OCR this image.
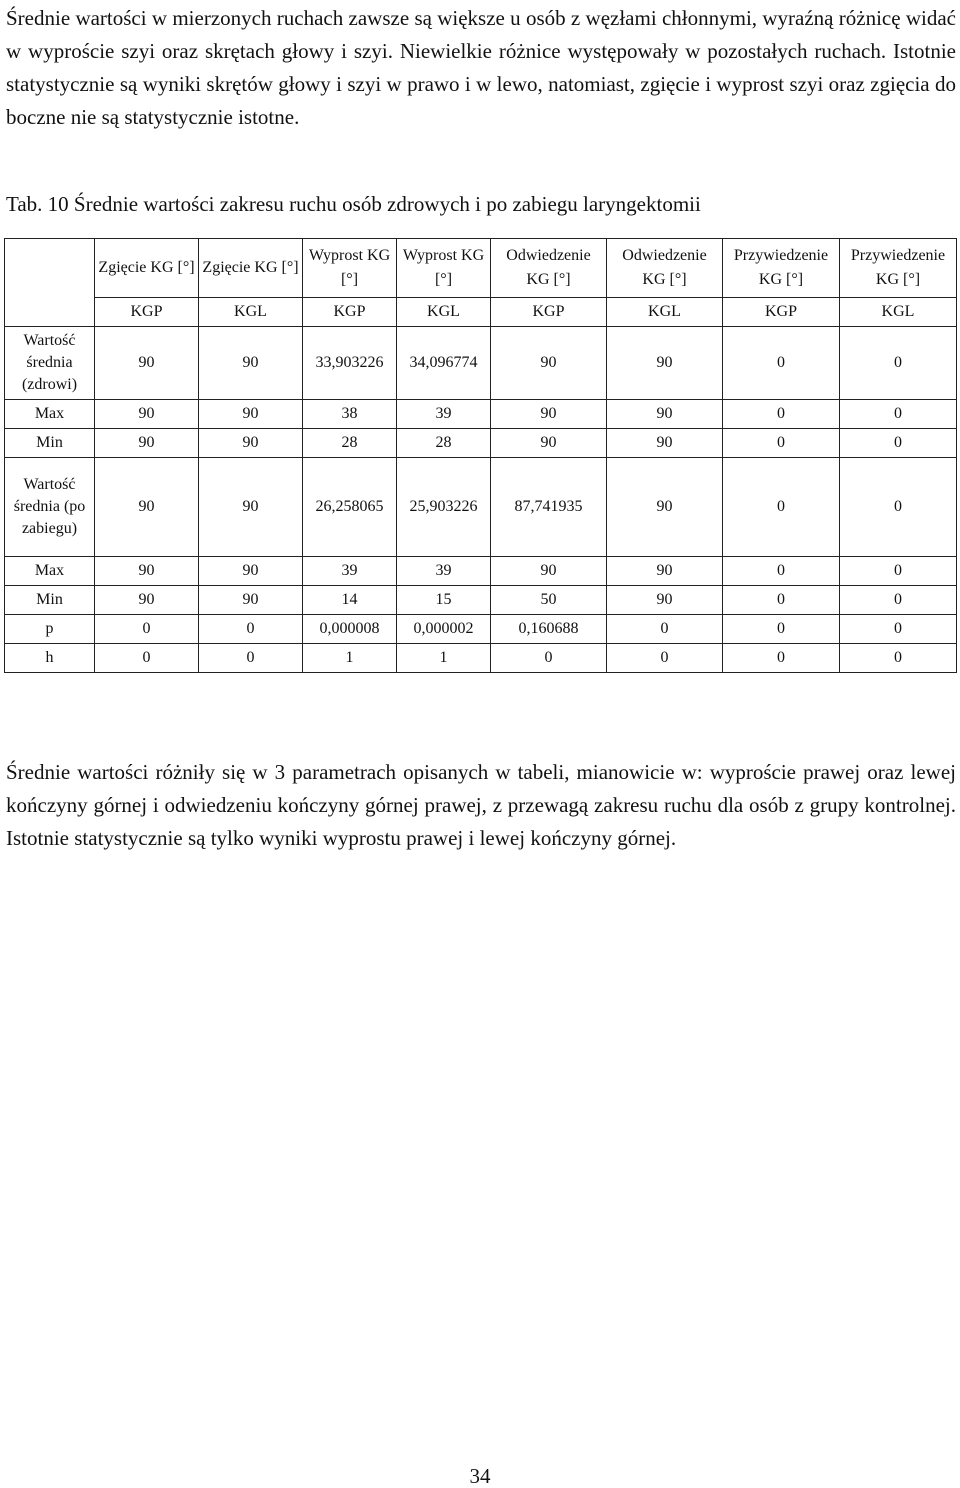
Średnie wartości w mierzonych ruchach zawsze są większe u osób z węzłami chłonnymi, wyraźną różnicę widać w wyproście szyi oraz skrętach głowy i szyi. Niewielkie różnice występowały w pozostałych ruchach. Istotnie statystycznie są wyniki skrętów głowy i szyi w prawo i w lewo, natomiast, zgięcie i wyprost szyi oraz zgięcia do boczne nie są statystycznie istotne.

Tab. 10 Średnie wartości zakresu ruchu osób zdrowych i po zabiegu laryngektomii

	Zgięcie KG [°]	Zgięcie KG [°]	Wyprost KG [°]	Wyprost KG [°]	Odwiedzenie KG [°]	Odwiedzenie KG [°]	Przywiedzenie KG [°]	Przywiedzenie KG [°]
	KGP	KGL	KGP	KGL	KGP	KGL	KGP	KGL
Wartość średnia (zdrowi)	90	90	33,903226	34,096774	90	90	0	0
Max	90	90	38	39	90	90	0	0
Min	90	90	28	28	90	90	0	0
Wartość średnia (po zabiegu)	90	90	26,258065	25,903226	87,741935	90	0	0
Max	90	90	39	39	90	90	0	0
Min	90	90	14	15	50	90	0	0
p	0	0	0,000008	0,000002	0,160688	0	0	0
h	0	0	1	1	0	0	0	0

Średnie wartości różniły się w 3 parametrach opisanych w tabeli, mianowicie w: wyproście prawej oraz lewej kończyny górnej i odwiedzeniu kończyny górnej prawej, z przewagą zakresu ruchu dla osób z grupy kontrolnej. Istotnie statystycznie są tylko wyniki wyprostu prawej i lewej kończyny górnej.

34
